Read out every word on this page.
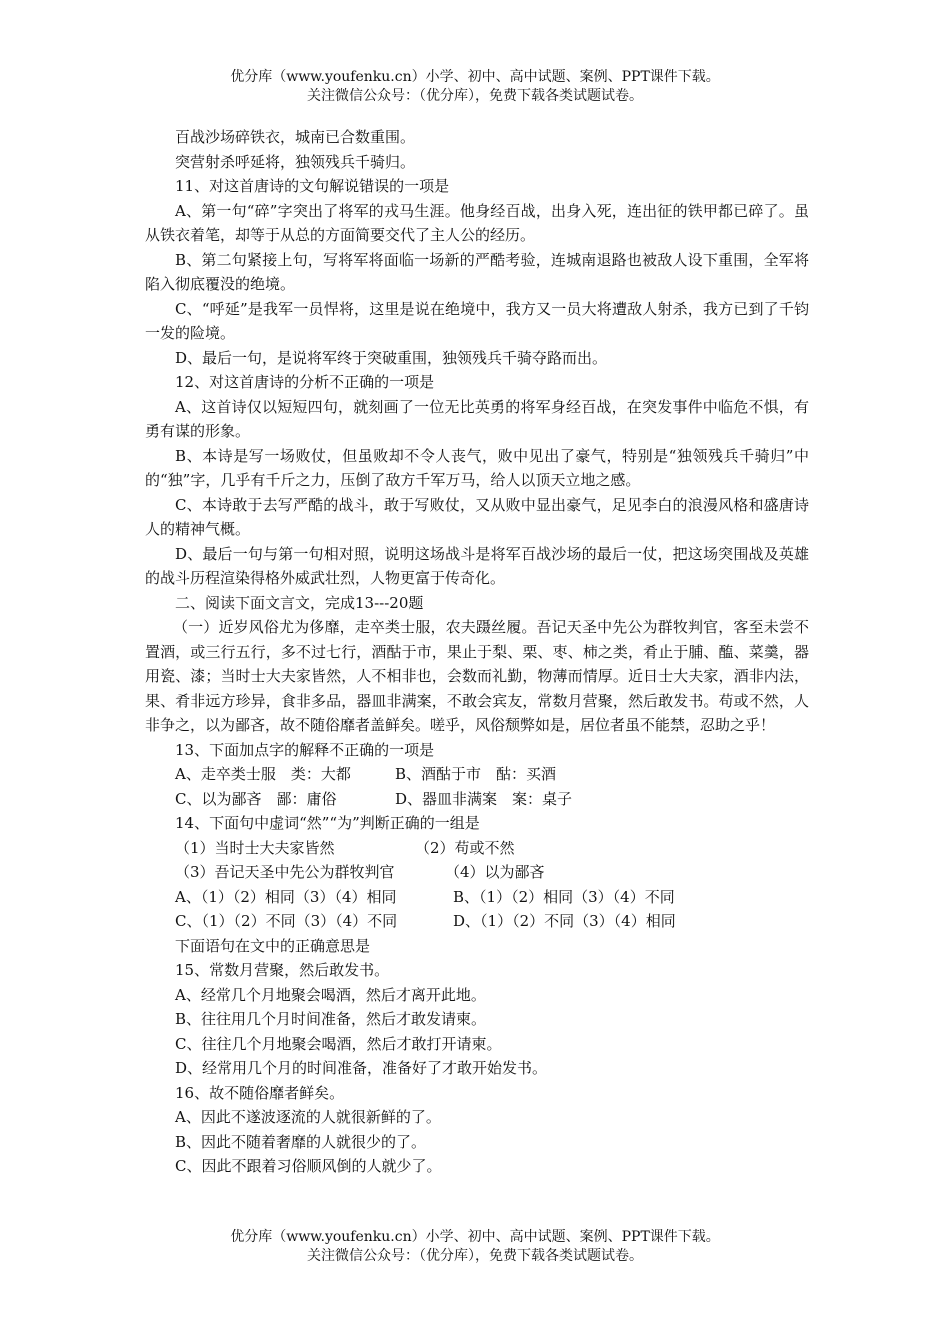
优分库（www.youfenku.cn）小学、初中、高中试题、案例、PPT课件下载。
关注微信公众号：（优分库），免费下载各类试题试卷。

百战沙场碎铁衣，城南已合数重围。

突营射杀呼延将，独领残兵千骑归。

11、对这首唐诗的文句解说错误的一项是

A、第一句“碎”字突出了将军的戎马生涯。他身经百战，出身入死，连出征的铁甲都已碎了。虽从铁衣着笔，却等于从总的方面简要交代了主人公的经历。

B、第二句紧接上句，写将军将面临一场新的严酷考验，连城南退路也被敌人设下重围，全军将陷入彻底覆没的绝境。

C、“呼延”是我军一员悍将，这里是说在绝境中，我方又一员大将遭敌人射杀，我方已到了千钧一发的险境。

D、最后一句，是说将军终于突破重围，独领残兵千骑夺路而出。

12、对这首唐诗的分析不正确的一项是

A、这首诗仅以短短四句，就刻画了一位无比英勇的将军身经百战，在突发事件中临危不惧，有勇有谋的形象。

B、本诗是写一场败仗，但虽败却不令人丧气，败中见出了豪气，特别是“独领残兵千骑归”中的“独”字，几乎有千斤之力，压倒了敌方千军万马，给人以顶天立地之感。

C、本诗敢于去写严酷的战斗，敢于写败仗，又从败中显出豪气，足见李白的浪漫风格和盛唐诗人的精神气概。

D、最后一句与第一句相对照，说明这场战斗是将军百战沙场的最后一仗，把这场突围战及英雄的战斗历程渲染得格外威武壮烈，人物更富于传奇化。

二、阅读下面文言文，完成13---20题

（一）近岁风俗尤为侈靡，走卒类士服，农夫蹑丝履。吾记天圣中先公为群牧判官，客至未尝不置酒，或三行五行，多不过七行，酒酤于市，果止于梨、栗、枣、柿之类，肴止于脯、醢、菜羹，器用瓷、漆；当时士大夫家皆然，人不相非也，会数而礼勤，物薄而情厚。近日士大夫家，酒非内法，果、肴非远方珍异，食非多品，器皿非满案，不敢会宾友，常数月营聚，然后敢发书。苟或不然，人非争之，以为鄙吝，故不随俗靡者盖鲜矣。嗟乎，风俗颓弊如是，居位者虽不能禁，忍助之乎！

13、下面加点字的解释不正确的一项是

A、走卒类士服　类：大都	B、酒酤于市　酤：买酒

C、以为鄙吝　鄙：庸俗	D、器皿非满案　案：桌子

14、下面句中虚词“然”“为”判断正确的一组是

（1）当时士大夫家皆然	（2）苟或不然

（3）吾记天圣中先公为群牧判官	（4）以为鄙吝

A、（1）（2）相同（3）（4）相同	B、（1）（2）相同（3）（4）不同

C、（1）（2）不同（3）（4）不同	D、（1）（2）不同（3）（4）相同

下面语句在文中的正确意思是

15、常数月营聚，然后敢发书。

A、经常几个月地聚会喝酒，然后才离开此地。

B、往往用几个月时间准备，然后才敢发请柬。

C、往往几个月地聚会喝酒，然后才敢打开请柬。

D、经常用几个月的时间准备，准备好了才敢开始发书。

16、故不随俗靡者鲜矣。

A、因此不遂波逐流的人就很新鲜的了。

B、因此不随着奢靡的人就很少的了。

C、因此不跟着习俗顺风倒的人就少了。

优分库（www.youfenku.cn）小学、初中、高中试题、案例、PPT课件下载。
关注微信公众号：（优分库），免费下载各类试题试卷。
